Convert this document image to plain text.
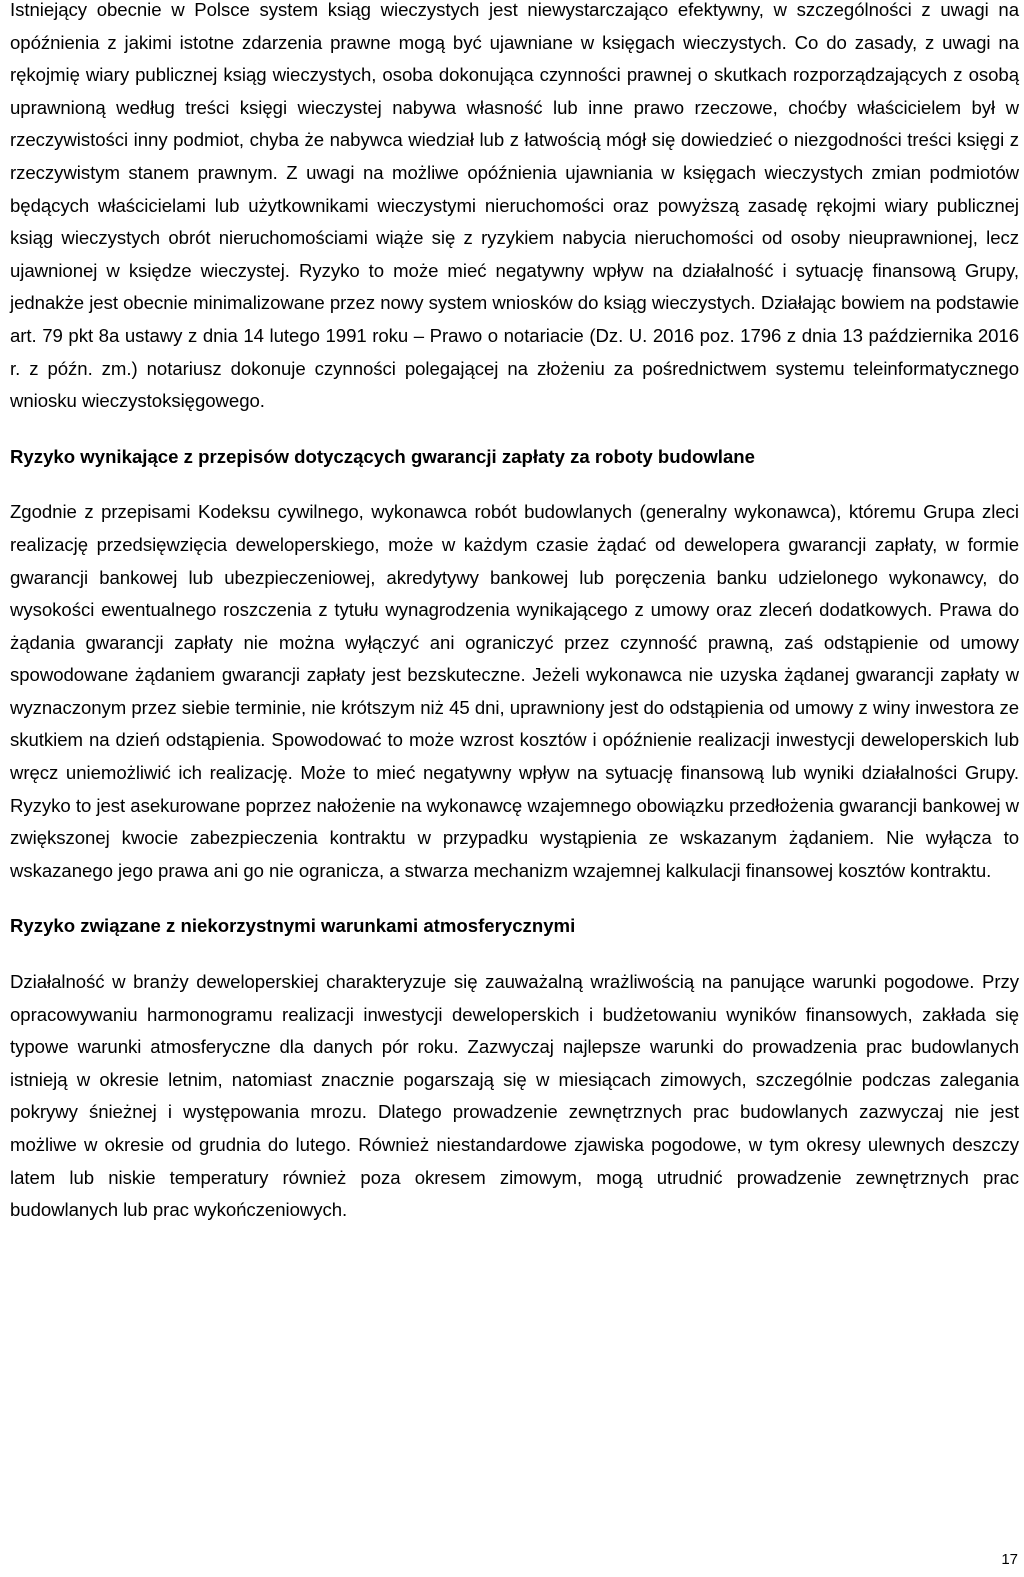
Istniejący obecnie w Polsce system ksiąg wieczystych jest niewystarczająco efektywny, w szczególności z uwagi na opóźnienia z jakimi istotne zdarzenia prawne mogą być ujawniane w księgach wieczystych. Co do zasady, z uwagi na rękojmię wiary publicznej ksiąg wieczystych, osoba dokonująca czynności prawnej o skutkach rozporządzających z osobą uprawnioną według treści księgi wieczystej nabywa własność lub inne prawo rzeczowe, choćby właścicielem był w rzeczywistości inny podmiot, chyba że nabywca wiedział lub z łatwością mógł się dowiedzieć o niezgodności treści księgi z rzeczywistym stanem prawnym. Z uwagi na możliwe opóźnienia ujawniania w księgach wieczystych zmian podmiotów będących właścicielami lub użytkownikami wieczystymi nieruchomości oraz powyższą zasadę rękojmi wiary publicznej ksiąg wieczystych obrót nieruchomościami wiąże się z ryzykiem nabycia nieruchomości od osoby nieuprawnionej, lecz ujawnionej w księdze wieczystej. Ryzyko to może mieć negatywny wpływ na działalność i sytuację finansową Grupy, jednakże jest obecnie minimalizowane przez nowy system wniosków do ksiąg wieczystych. Działając bowiem na podstawie art. 79 pkt 8a ustawy z dnia 14 lutego 1991 roku – Prawo o notariacie (Dz. U. 2016 poz. 1796 z dnia 13 października 2016 r. z późn. zm.) notariusz dokonuje czynności polegającej na złożeniu za pośrednictwem systemu teleinformatycznego wniosku wieczystoksięgowego.

Ryzyko wynikające z przepisów dotyczących gwarancji zapłaty za roboty budowlane

Zgodnie z przepisami Kodeksu cywilnego, wykonawca robót budowlanych (generalny wykonawca), któremu Grupa zleci realizację przedsięwzięcia deweloperskiego, może w każdym czasie żądać od dewelopera gwarancji zapłaty, w formie gwarancji bankowej lub ubezpieczeniowej, akredytywy bankowej lub poręczenia banku udzielonego wykonawcy, do wysokości ewentualnego roszczenia z tytułu wynagrodzenia wynikającego z umowy oraz zleceń dodatkowych. Prawa do żądania gwarancji zapłaty nie można wyłączyć ani ograniczyć przez czynność prawną, zaś odstąpienie od umowy spowodowane żądaniem gwarancji zapłaty jest bezskuteczne. Jeżeli wykonawca nie uzyska żądanej gwarancji zapłaty w wyznaczonym przez siebie terminie, nie krótszym niż 45 dni, uprawniony jest do odstąpienia od umowy z winy inwestora ze skutkiem na dzień odstąpienia. Spowodować to może wzrost kosztów i opóźnienie realizacji inwestycji deweloperskich lub wręcz uniemożliwić ich realizację. Może to mieć negatywny wpływ na sytuację finansową lub wyniki działalności Grupy. Ryzyko to jest asekurowane poprzez nałożenie na wykonawcę wzajemnego obowiązku przedłożenia gwarancji bankowej w zwiększonej kwocie zabezpieczenia kontraktu w przypadku wystąpienia ze wskazanym żądaniem. Nie wyłącza to wskazanego jego prawa ani go nie ogranicza, a stwarza mechanizm wzajemnej kalkulacji finansowej kosztów kontraktu.

Ryzyko związane z niekorzystnymi warunkami atmosferycznymi

Działalność w branży deweloperskiej charakteryzuje się zauważalną wrażliwością na panujące warunki pogodowe. Przy opracowywaniu harmonogramu realizacji inwestycji deweloperskich i budżetowaniu wyników finansowych, zakłada się typowe warunki atmosferyczne dla danych pór roku. Zazwyczaj najlepsze warunki do prowadzenia prac budowlanych istnieją w okresie letnim, natomiast znacznie pogarszają się w miesiącach zimowych, szczególnie podczas zalegania pokrywy śnieżnej i występowania mrozu. Dlatego prowadzenie zewnętrznych prac budowlanych zazwyczaj nie jest możliwe w okresie od grudnia do lutego. Również niestandardowe zjawiska pogodowe, w tym okresy ulewnych deszczy latem lub niskie temperatury również poza okresem zimowym, mogą utrudnić prowadzenie zewnętrznych prac budowlanych lub prac wykończeniowych.

17
